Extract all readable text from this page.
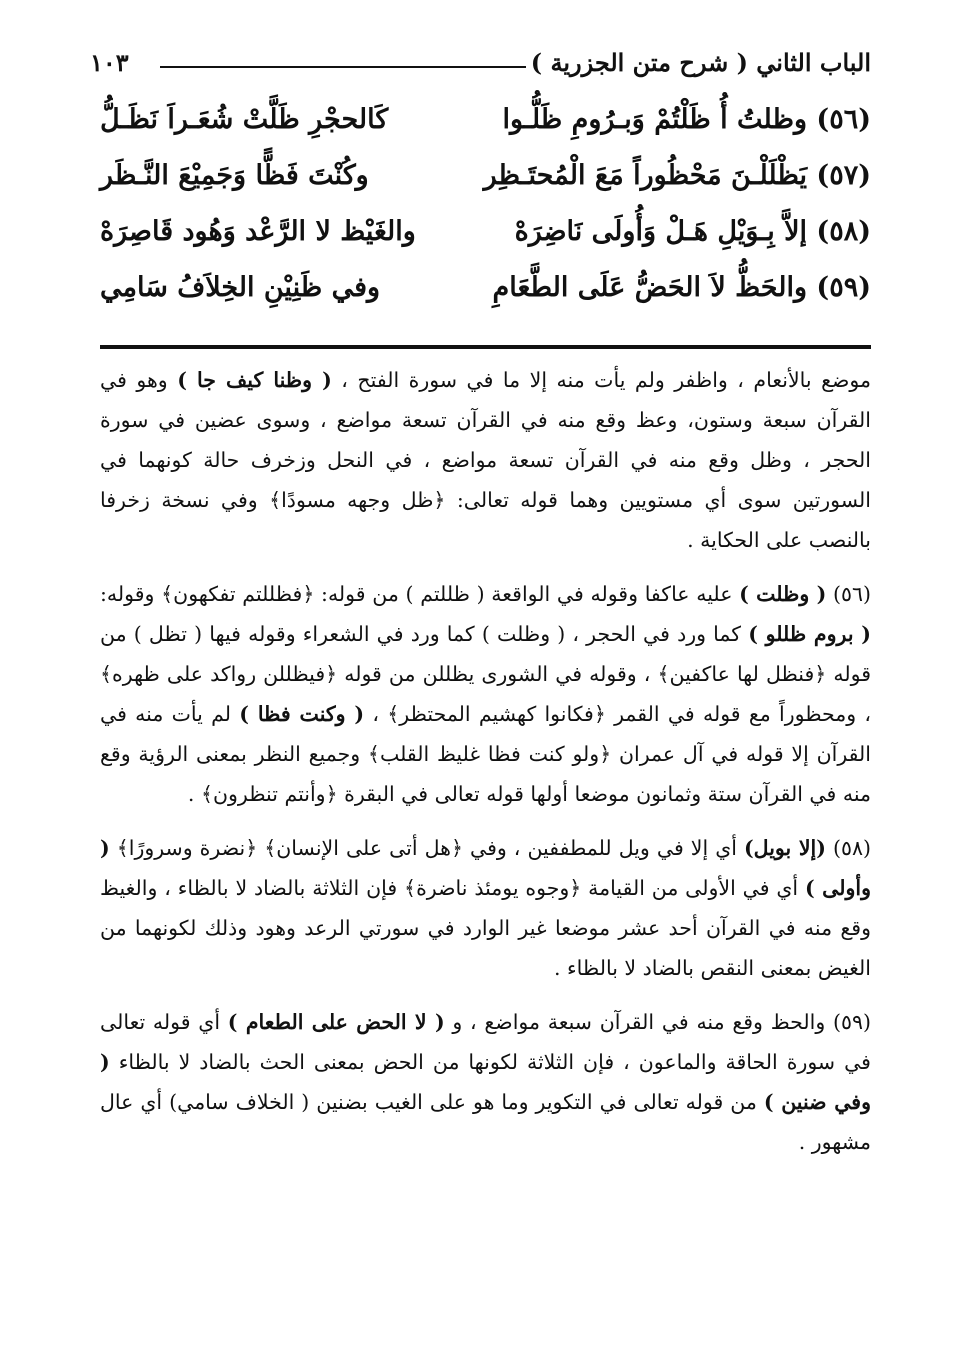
الباب الثاني ( شرح متن الجزرية )
١٠٣
(٥٦) وظلتُ أُ ظَلْتُمْ وَبـرُومِ ظَلُّـوا
كَالحجْرِ ظَلَّتْ شُعَـراَ نَظَـلُّ
(٥٧) يَظْلَلْـنَ مَحْظُوراً مَعَ الْمُحتَـظِر
وكُنْتَ فَظًّا وَجَمِيْعَ النَّـظَر
(٥٨) إلاَّ بِـوَيْلِ هَـلْ وَأُولَى نَاضِرَهْ
والغَيْظ لا الرَّعْد وَهُود قَاصِرَهْ
(٥٩) والحَظُّ لاَ الحَضُّ عَلَى الطَّعَامِ
وفي ظَنِيْنِ الخِلاَفُ سَامِي

موضع بالأنعام ، واظفر ولم يأت منه إلا ما في سورة الفتح ، ( وظنا كيف جا ) وهو في القرآن سبعة وستون، وعظ وقع منه في القرآن تسعة مواضع ، وسوى عضين في سورة الحجر ، وظل وقع منه في القرآن تسعة مواضع ، في النحل وزخرف حالة كونهما في السورتين سوى أي مستويين وهما قوله تعالى: ﴿ظل وجهه مسودًا﴾ وفي نسخة زخرفا بالنصب على الحكاية .

(٥٦) ( وظلت ) عليه عاكفا وقوله في الواقعة ( ظللتم ) من قوله: ﴿فظللتم تفكهون﴾ وقوله: ( بروم ظللو ) كما ورد في الحجر ، ( وظلت ) كما ورد في الشعراء وقوله فيها ( تظل ) من قوله ﴿فنظل لها عاكفين﴾ ، وقوله في الشورى يظللن من قوله ﴿فيظللن رواكد على ظهره﴾ ، ومحظوراً مع قوله في القمر ﴿فكانوا كهشيم المحتظر﴾ ، ( وكنت فظا ) لم يأت منه في القرآن إلا قوله في آل عمران ﴿ولو كنت فظا غليظ القلب﴾ وجميع النظر بمعنى الرؤية وقع منه في القرآن ستة وثمانون موضعا أولها قوله تعالى في البقرة ﴿وأنتم تنظرون﴾ .

(٥٨) (إلا بويل) أي إلا في ويل للمطففين ، وفي ﴿هل أتى على الإنسان﴾ ﴿نضرة وسرورًا﴾ ( وأولى ) أي في الأولى من القيامة ﴿وجوه يومئذ ناضرة﴾ فإن الثلاثة بالضاد لا بالظاء ، والغيظ وقع منه في القرآن أحد عشر موضعا غير الوارد في سورتي الرعد وهود وذلك لكونهما من الغيض بمعنى النقص بالضاد لا بالظاء .

(٥٩) والحظ وقع منه في القرآن سبعة مواضع ، و ( لا الحض على الطعام ) أي قوله تعالى في سورة الحاقة والماعون ، فإن الثلاثة لكونها من الحض بمعنى الحث بالضاد لا بالظاء ( وفي ضنين ) من قوله تعالى في التكوير وما هو على الغيب بضنين ( الخلاف سامي) أي عال مشهور .
